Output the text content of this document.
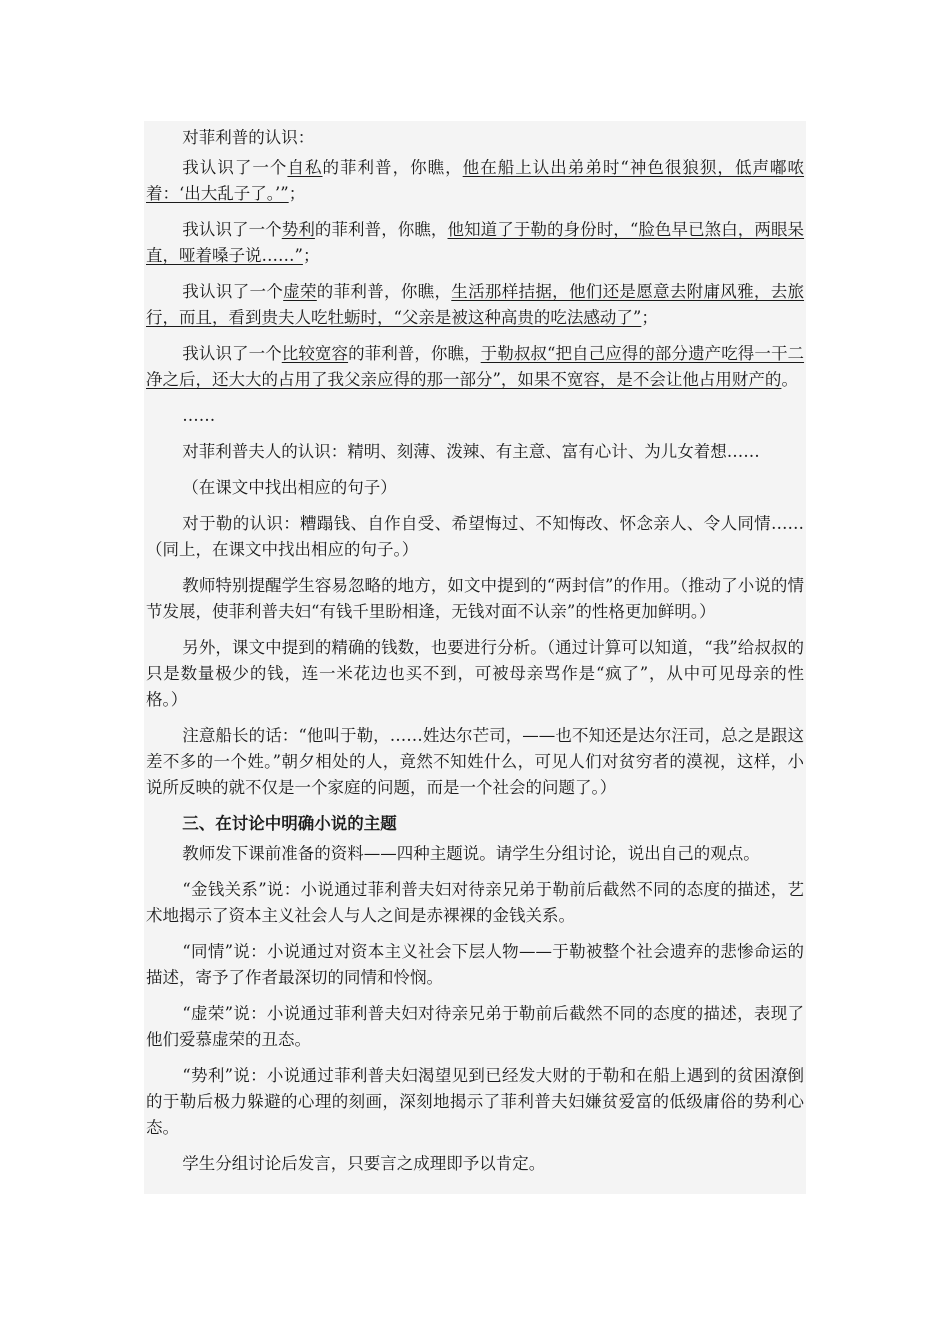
对菲利普的认识：

我认识了一个自私的菲利普，你瞧，他在船上认出弟弟时“神色很狼狈，低声嘟哝着：‘出大乱子了。’”；

我认识了一个势利的菲利普，你瞧，他知道了于勒的身份时，“脸色早已煞白，两眼呆直，哑着嗓子说……”；

我认识了一个虚荣的菲利普，你瞧，生活那样拮据，他们还是愿意去附庸风雅，去旅行，而且，看到贵夫人吃牡蛎时，“父亲是被这种高贵的吃法感动了”；

我认识了一个比较宽容的菲利普，你瞧，于勒叔叔“把自己应得的部分遗产吃得一干二净之后，还大大的占用了我父亲应得的那一部分”，如果不宽容，是不会让他占用财产的。

……

对菲利普夫人的认识：精明、刻薄、泼辣、有主意、富有心计、为儿女着想……

（在课文中找出相应的句子）

对于勒的认识：糟蹋钱、自作自受、希望悔过、不知悔改、怀念亲人、令人同情……（同上，在课文中找出相应的句子。）

教师特别提醒学生容易忽略的地方，如文中提到的“两封信”的作用。（推动了小说的情节发展，使菲利普夫妇“有钱千里盼相逢，无钱对面不认亲”的性格更加鲜明。）

另外，课文中提到的精确的钱数，也要进行分析。（通过计算可以知道，“我”给叔叔的只是数量极少的钱，连一米花边也买不到，可被母亲骂作是“疯了”，从中可见母亲的性格。）

注意船长的话：“他叫于勒，……姓达尔芒司，——也不知还是达尔汪司，总之是跟这差不多的一个姓。”朝夕相处的人，竟然不知姓什么，可见人们对贫穷者的漠视，这样，小说所反映的就不仅是一个家庭的问题，而是一个社会的问题了。）

三、在讨论中明确小说的主题

教师发下课前准备的资料——四种主题说。请学生分组讨论，说出自己的观点。

“金钱关系”说：小说通过菲利普夫妇对待亲兄弟于勒前后截然不同的态度的描述，艺术地揭示了资本主义社会人与人之间是赤裸裸的金钱关系。

“同情”说：小说通过对资本主义社会下层人物——于勒被整个社会遗弃的悲惨命运的描述，寄予了作者最深切的同情和怜悯。

“虚荣”说：小说通过菲利普夫妇对待亲兄弟于勒前后截然不同的态度的描述，表现了他们爱慕虚荣的丑态。

“势利”说：小说通过菲利普夫妇渴望见到已经发大财的于勒和在船上遇到的贫困潦倒的于勒后极力躲避的心理的刻画，深刻地揭示了菲利普夫妇嫌贫爱富的低级庸俗的势利心态。

学生分组讨论后发言，只要言之成理即予以肯定。
